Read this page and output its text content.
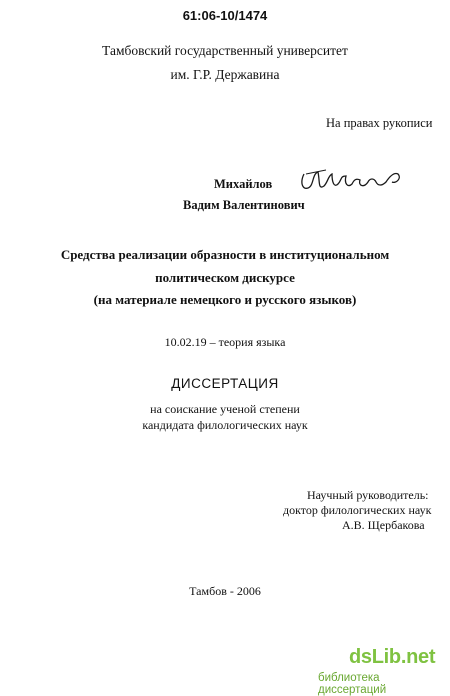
61:06-10/1474
Тамбовский государственный университет
им. Г.Р. Державина
На правах рукописи
Михайлов
Вадим Валентинович
Средства реализации образности в институциональном
политическом дискурсе
(на материале немецкого и русского языков)
10.02.19 – теория языка
ДИССЕРТАЦИЯ
на соискание ученой степени
кандидата филологических наук
Научный руководитель:
доктор филологических наук
А.В. Щербакова
Тамбов - 2006
dsLib.net
библиотека диссертаций
